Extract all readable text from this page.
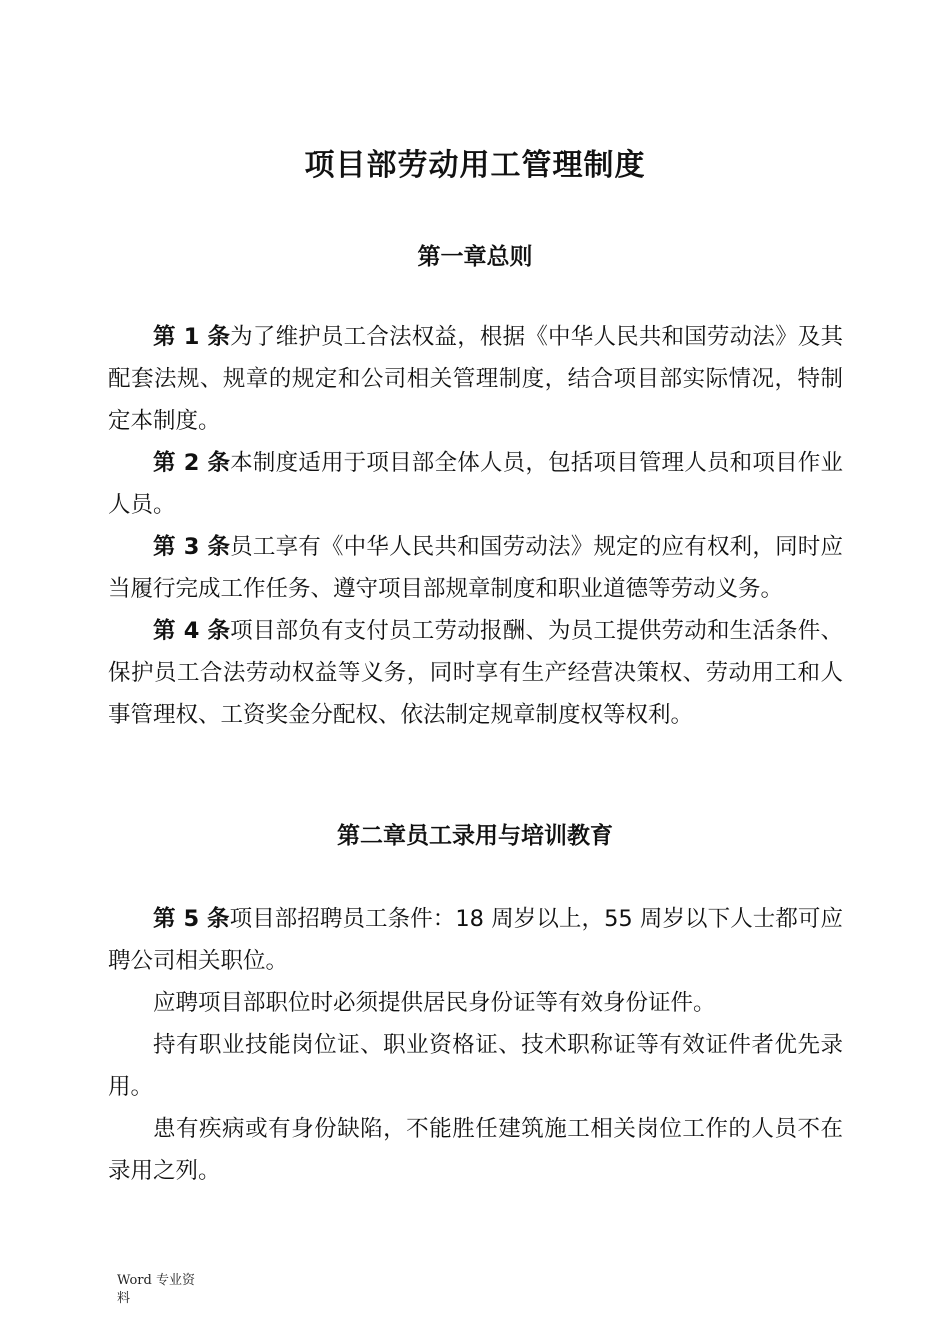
项目部劳动用工管理制度
第一章总则

第 1 条为了维护员工合法权益，根据《中华人民共和国劳动法》及其配套法规、规章的规定和公司相关管理制度，结合项目部实际情况，特制定本制度。

第 2 条本制度适用于项目部全体人员，包括项目管理人员和项目作业人员。

第 3 条员工享有《中华人民共和国劳动法》规定的应有权利，同时应当履行完成工作任务、遵守项目部规章制度和职业道德等劳动义务。

第 4 条项目部负有支付员工劳动报酬、为员工提供劳动和生活条件、保护员工合法劳动权益等义务，同时享有生产经营决策权、劳动用工和人事管理权、工资奖金分配权、依法制定规章制度权等权利。

第二章员工录用与培训教育

第 5 条项目部招聘员工条件：18 周岁以上，55 周岁以下人士都可应聘公司相关职位。

应聘项目部职位时必须提供居民身份证等有效身份证件。

持有职业技能岗位证、职业资格证、技术职称证等有效证件者优先录用。

患有疾病或有身份缺陷，不能胜任建筑施工相关岗位工作的人员不在录用之列。

Word 专业资料
